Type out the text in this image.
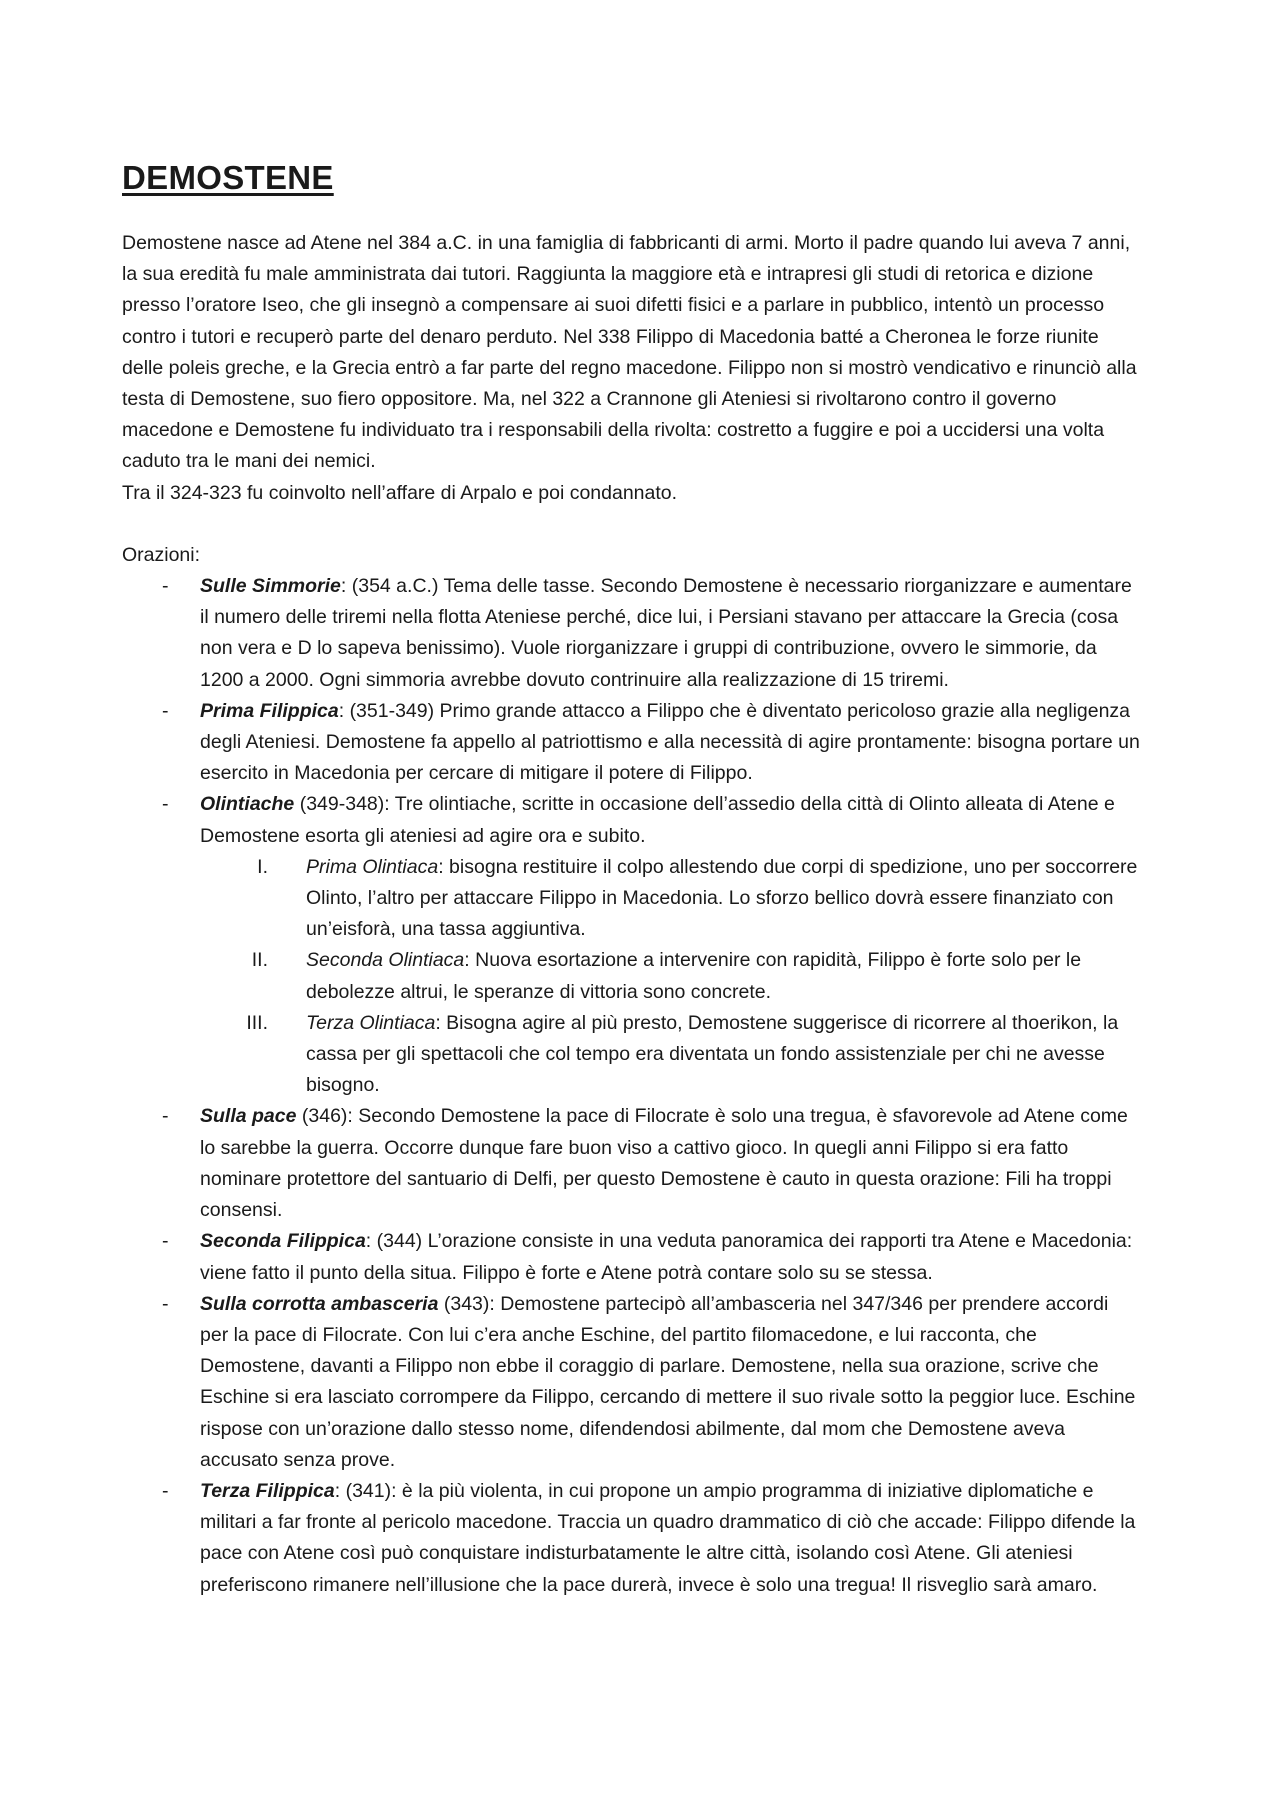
DEMOSTENE

Demostene nasce ad Atene nel 384 a.C. in una famiglia di fabbricanti di armi. Morto il padre quando lui aveva 7 anni, la sua eredità fu male amministrata dai tutori. Raggiunta la maggiore età e intrapresi gli studi di retorica e dizione presso l’oratore Iseo, che gli insegnò a compensare ai suoi difetti fisici e a parlare in pubblico, intentò un processo contro i tutori e recuperò parte del denaro perduto. Nel 338 Filippo di Macedonia batté a Cheronea le forze riunite delle poleis greche, e la Grecia entrò a far parte del regno macedone. Filippo non si mostrò vendicativo e rinunciò alla testa di Demostene, suo fiero oppositore. Ma, nel 322 a Crannone gli Ateniesi si rivoltarono contro il governo macedone e Demostene fu individuato tra i responsabili della rivolta: costretto a fuggire e poi a uccidersi una volta caduto tra le mani dei nemici.

Tra il 324-323 fu coinvolto nell’affare di Arpalo e poi condannato.

Orazioni:
- Sulle Simmorie: (354 a.C.) Tema delle tasse. Secondo Demostene è necessario riorganizzare e aumentare il numero delle triremi nella flotta Ateniese perché, dice lui, i Persiani stavano per attaccare la Grecia (cosa non vera e D lo sapeva benissimo). Vuole riorganizzare i gruppi di contribuzione, ovvero le simmorie, da 1200 a 2000. Ogni simmoria avrebbe dovuto contrinuire alla realizzazione di 15 triremi.
- Prima Filippica: (351-349) Primo grande attacco a Filippo che è diventato pericoloso grazie alla negligenza degli Ateniesi. Demostene fa appello al patriottismo e alla necessità di agire prontamente: bisogna portare un esercito in Macedonia per cercare di mitigare il potere di Filippo.
- Olintiache (349-348): Tre olintiache, scritte in occasione dell’assedio della città di Olinto alleata di Atene e Demostene esorta gli ateniesi ad agire ora e subito.
I. Prima Olintiaca: bisogna restituire il colpo allestendo due corpi di spedizione, uno per soccorrere Olinto, l’altro per attaccare Filippo in Macedonia. Lo sforzo bellico dovrà essere finanziato con un’eisforà, una tassa aggiuntiva.
II. Seconda Olintiaca: Nuova esortazione a intervenire con rapidità, Filippo è forte solo per le debolezze altrui, le speranze di vittoria sono concrete.
III. Terza Olintiaca: Bisogna agire al più presto, Demostene suggerisce di ricorrere al thoerikon, la cassa per gli spettacoli che col tempo era diventata un fondo assistenziale per chi ne avesse bisogno.
- Sulla pace (346): Secondo Demostene la pace di Filocrate è solo una tregua, è sfavorevole ad Atene come lo sarebbe la guerra. Occorre dunque fare buon viso a cattivo gioco. In quegli anni Filippo si era fatto nominare protettore del santuario di Delfi, per questo Demostene è cauto in questa orazione: Fili ha troppi consensi.
- Seconda Filippica: (344) L’orazione consiste in una veduta panoramica dei rapporti tra Atene e Macedonia: viene fatto il punto della situa. Filippo è forte e Atene potrà contare solo su se stessa.
- Sulla corrotta ambasceria (343): Demostene partecipò all’ambasceria nel 347/346 per prendere accordi per la pace di Filocrate. Con lui c’era anche Eschine, del partito filomacedone, e lui racconta, che Demostene, davanti a Filippo non ebbe il coraggio di parlare. Demostene, nella sua orazione, scrive che Eschine si era lasciato corrompere da Filippo, cercando di mettere il suo rivale sotto la peggior luce. Eschine rispose con un’orazione dallo stesso nome, difendendosi abilmente, dal mom che Demostene aveva accusato senza prove.
- Terza Filippica: (341): è la più violenta, in cui propone un ampio programma di iniziative diplomatiche e militari a far fronte al pericolo macedone. Traccia un quadro drammatico di ciò che accade: Filippo difende la pace con Atene così può conquistare indisturbatamente le altre città, isolando così Atene. Gli ateniesi preferiscono rimanere nell’illusione che la pace durerà, invece è solo una tregua! Il risveglio sarà amaro.
